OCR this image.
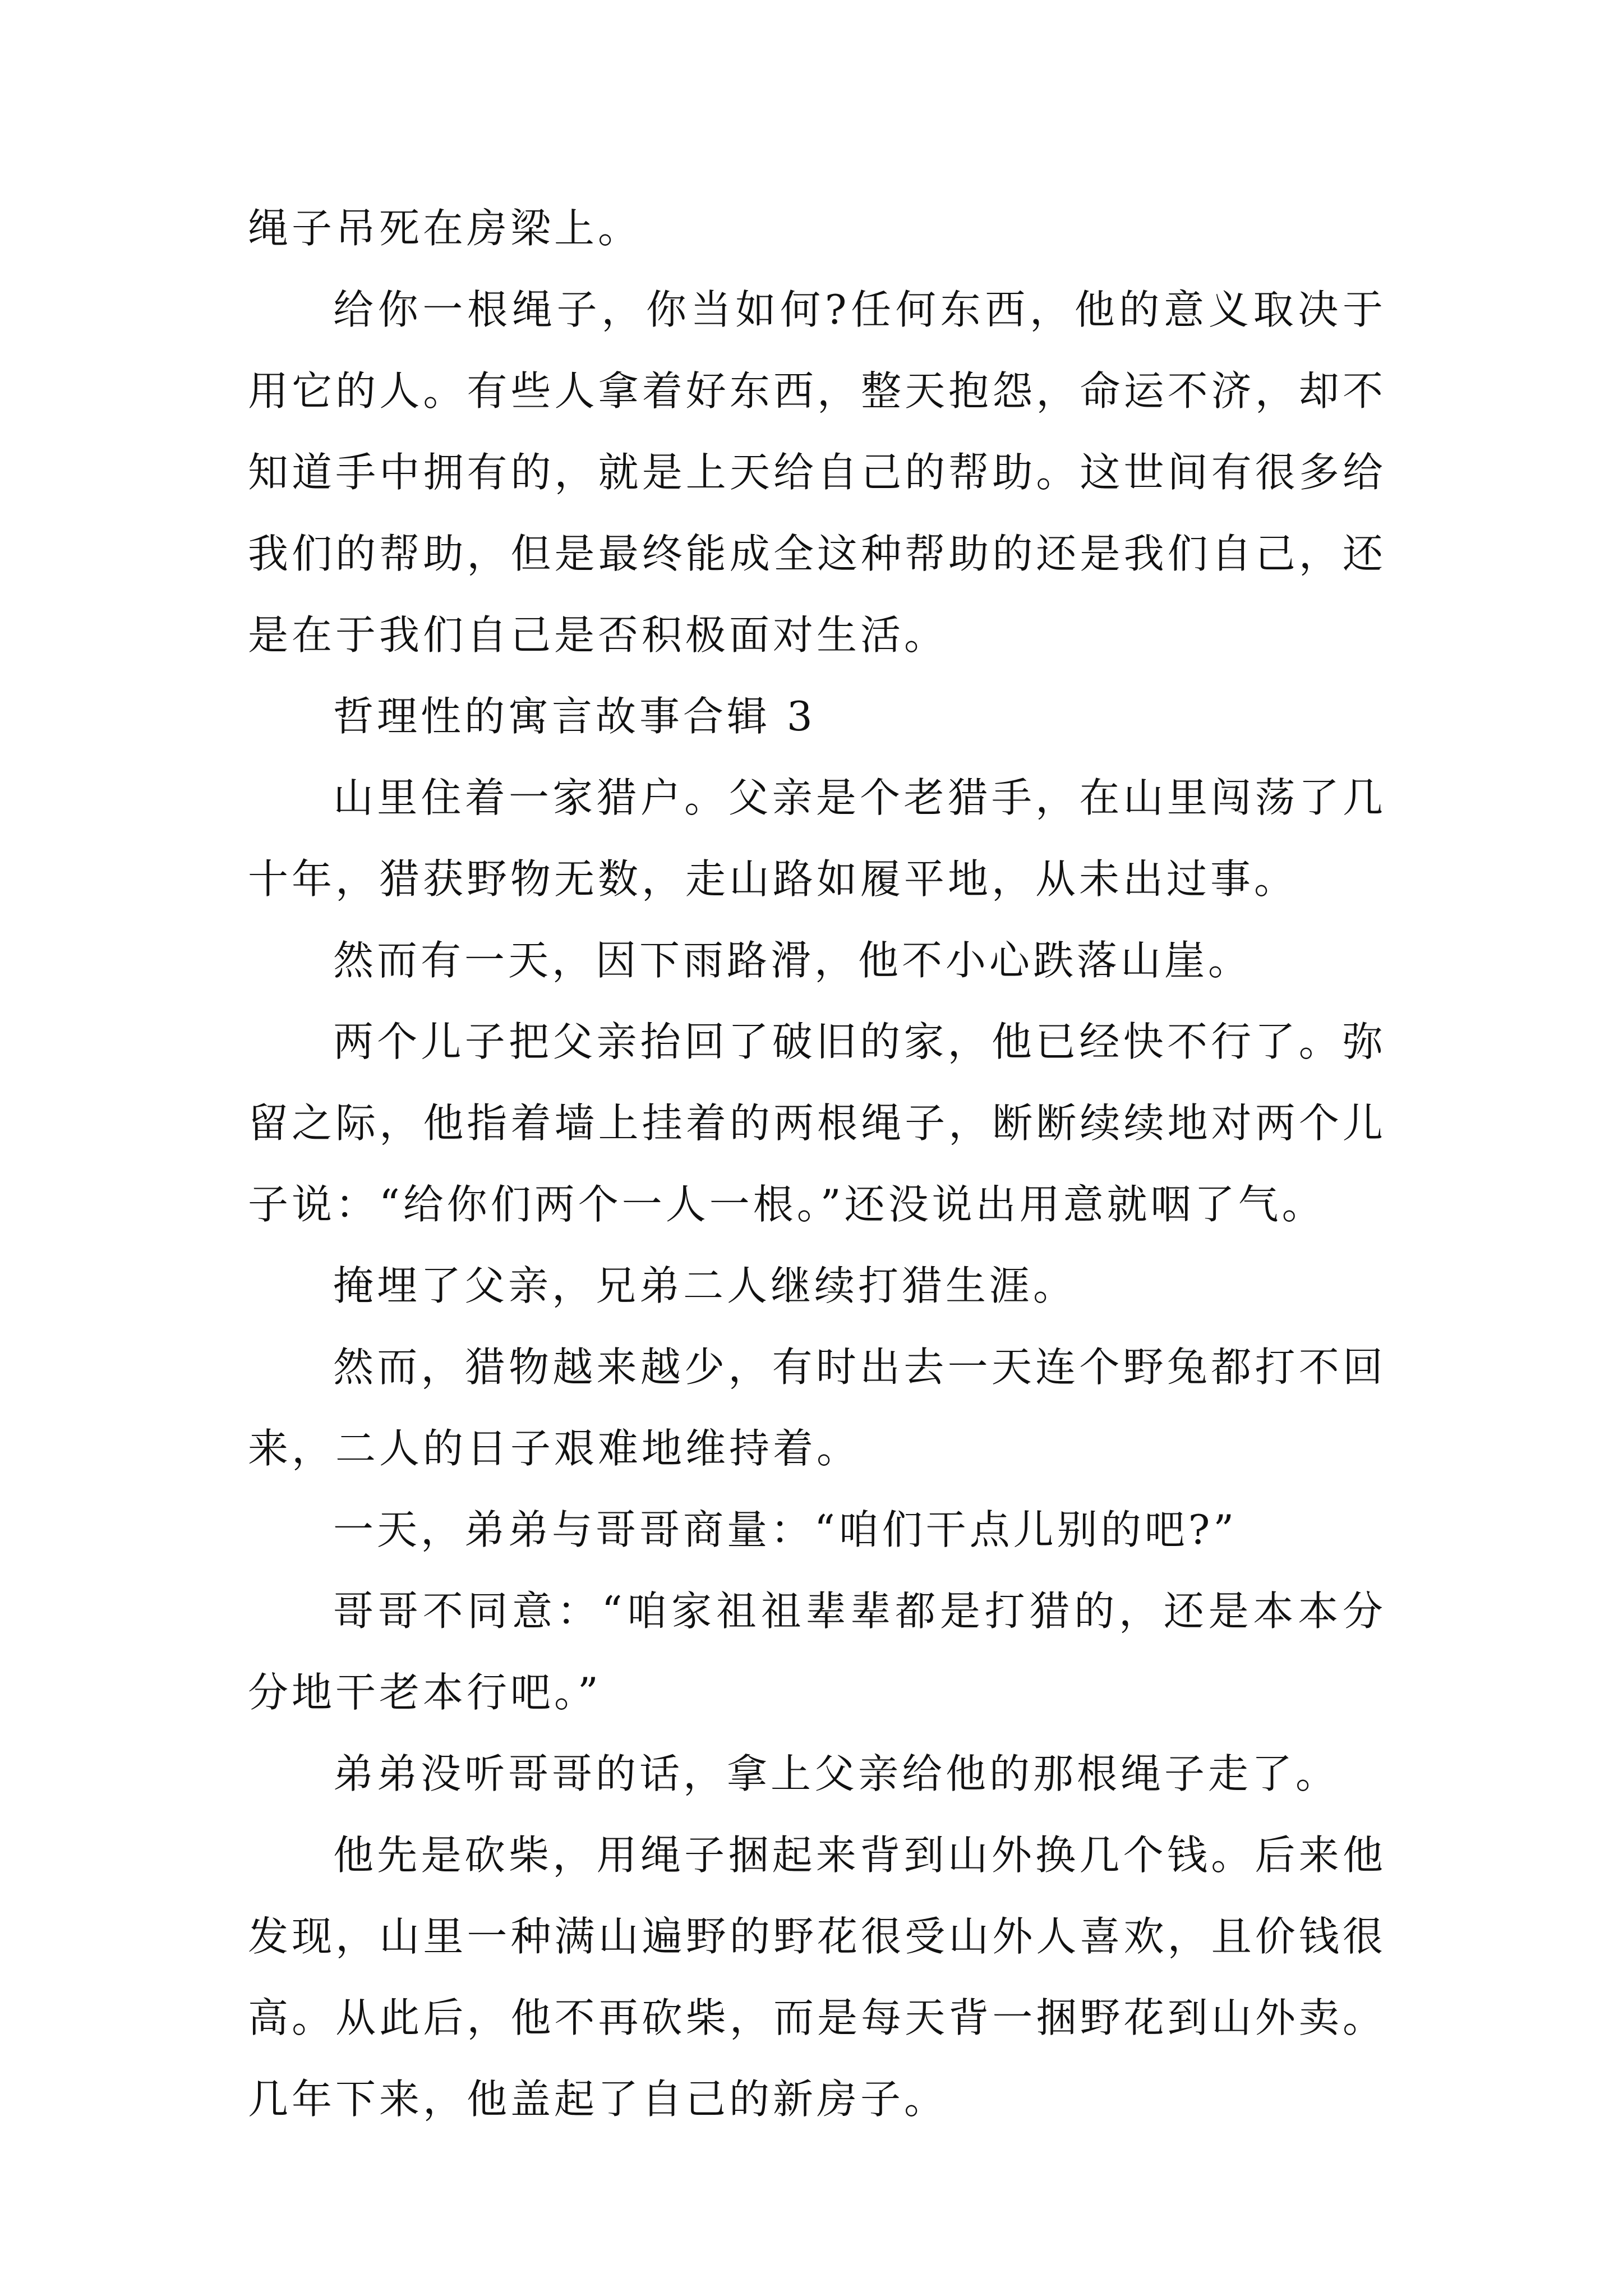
绳子吊死在房梁上。

给你一根绳子，你当如何?任何东西，他的意义取决于用它的人。有些人拿着好东西，整天抱怨，命运不济，却不知道手中拥有的，就是上天给自己的帮助。这世间有很多给我们的帮助，但是最终能成全这种帮助的还是我们自己，还是在于我们自己是否积极面对生活。

哲理性的寓言故事合辑 3

山里住着一家猎户。父亲是个老猎手，在山里闯荡了几十年，猎获野物无数，走山路如履平地，从未出过事。

然而有一天，因下雨路滑，他不小心跌落山崖。

两个儿子把父亲抬回了破旧的家，他已经快不行了。弥留之际，他指着墙上挂着的两根绳子，断断续续地对两个儿子说：“给你们两个一人一根。”还没说出用意就咽了气。

掩埋了父亲，兄弟二人继续打猎生涯。

然而，猎物越来越少，有时出去一天连个野兔都打不回来，二人的日子艰难地维持着。

一天，弟弟与哥哥商量：“咱们干点儿别的吧?”

哥哥不同意：“咱家祖祖辈辈都是打猎的，还是本本分分地干老本行吧。”

弟弟没听哥哥的话，拿上父亲给他的那根绳子走了。

他先是砍柴，用绳子捆起来背到山外换几个钱。后来他发现，山里一种满山遍野的野花很受山外人喜欢，且价钱很高。从此后，他不再砍柴，而是每天背一捆野花到山外卖。几年下来，他盖起了自己的新房子。
